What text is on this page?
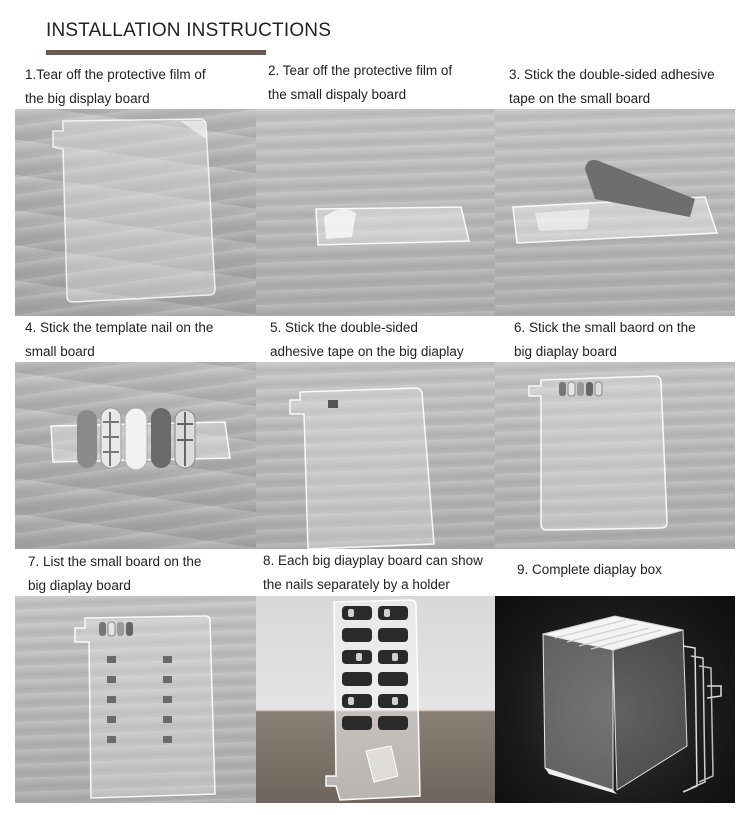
INSTALLATION INSTRUCTIONS
1.Tear off the protective film of
the big display board
2. Tear off the protective film of
the small dispaly board
3. Stick the double-sided adhesive
tape on the small board
4. Stick the template nail on the
small board
5. Stick the double-sided
adhesive tape on the big diaplay
6. Stick the small baord on the
big diaplay board
7. List the small board on the
big diaplay board
8. Each big diayplay board can show
the nails separately by a holder
9. Complete diaplay box
